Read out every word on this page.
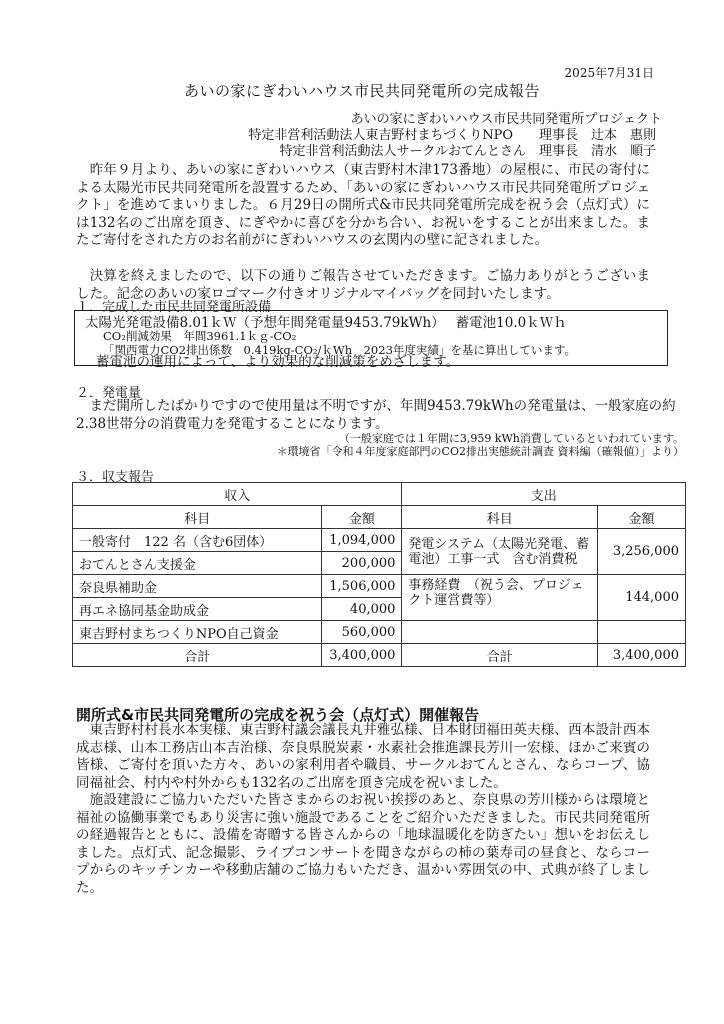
2025年7月31日
あいの家にぎわいハウス市民共同発電所の完成報告
あいの家にぎわいハウス市民共同発電所プロジェクト
特定非営利活動法人東吉野村まちづくりNPO　　理事長　辻本　惠則
特定非営利活動法人サークルおてんとさん　理事長　清水　順子
　昨年９月より、あいの家にぎわいハウス（東吉野村木津173番地）の屋根に、市民の寄付による太陽光市民共同発電所を設置するため、「あいの家にぎわいハウス市民共同発電所プロジェクト」を進めてまいりました。６月29日の開所式&市民共同発電所完成を祝う会（点灯式）には132名のご出席を頂き、にぎやかに喜びを分かち合い、お祝いをすることが出来ました。またご寄付をされた方のお名前がにぎわいハウスの玄関内の壁に記されました。
　決算を終えましたので、以下の通りご報告させていただきます。ご協力ありがとうございました。記念のあいの家ロゴマーク付きオリジナルマイバッグを同封いたします。
１．完成した市民共同発電所設備
太陽光発電設備8.01ｋＷ（予想年間発電量9453.79kWh）　 蓄電池10.0ｋＷｈ
CO₂削減効果　年間3961.1ｋｇ-CO₂
「関西電力CO2排出係数　0.419kg‐CO₂/ｋWh　2023年度実績」を基に算出しています。
蓄電池の運用によって、より効果的な削減策をめざします。
２．発電量
　まだ開所したばかりですので使用量は不明ですが、年間9453.79kWhの発電量は、一般家庭の約2.38世帯分の消費電力を発電することになります。
（一般家庭では１年間に3,959 kWh消費しているといわれています。
＊環境省「令和４年度家庭部門のCO2排出実態統計調査 資料編（確報値）」より）
３．収支報告
収入		支出	
科目	金額	科目	金額
一般寄付　122 名（含む6団体）	1,094,000	発電システム（太陽光発電、蓄電池）工事一式　含む消費税	3,256,000
おてんとさん支援金	200,000		
奈良県補助金	1,506,000	事務経費　（祝う会、プロジェクト運営費等）	144,000
再エネ協同基金助成金	40,000		
東吉野村まちつくりNPO自己資金	560,000		
合計	3,400,000	合計	3,400,000
開所式&市民共同発電所の完成を祝う会（点灯式）開催報告
　東吉野村村長水本実様、東吉野村議会議長丸井雅弘様、日本財団福田英夫様、西本設計西本成志様、山本工務店山本吉治様、奈良県脱炭素・水素社会推進課長芳川一宏様、ほかご来賓の皆様、ご寄付を頂いた方々、あいの家利用者や職員、サークルおてんとさん、ならコープ、協同福祉会、村内や村外からも132名のご出席を頂き完成を祝いました。
　施設建設にご協力いただいた皆さまからのお祝い挨拶のあと、奈良県の芳川様からは環境と福祉の協働事業でもあり災害に強い施設であることをご紹介いただきました。市民共同発電所の経過報告とともに、設備を寄贈する皆さんからの「地球温暖化を防ぎたい」想いをお伝えしました。点灯式、記念撮影、ライブコンサートを聞きながらの柿の葉寿司の昼食と、ならコープからのキッチンカーや移動店舗のご協力もいただき、温かい雰囲気の中、式典が終了しました。
